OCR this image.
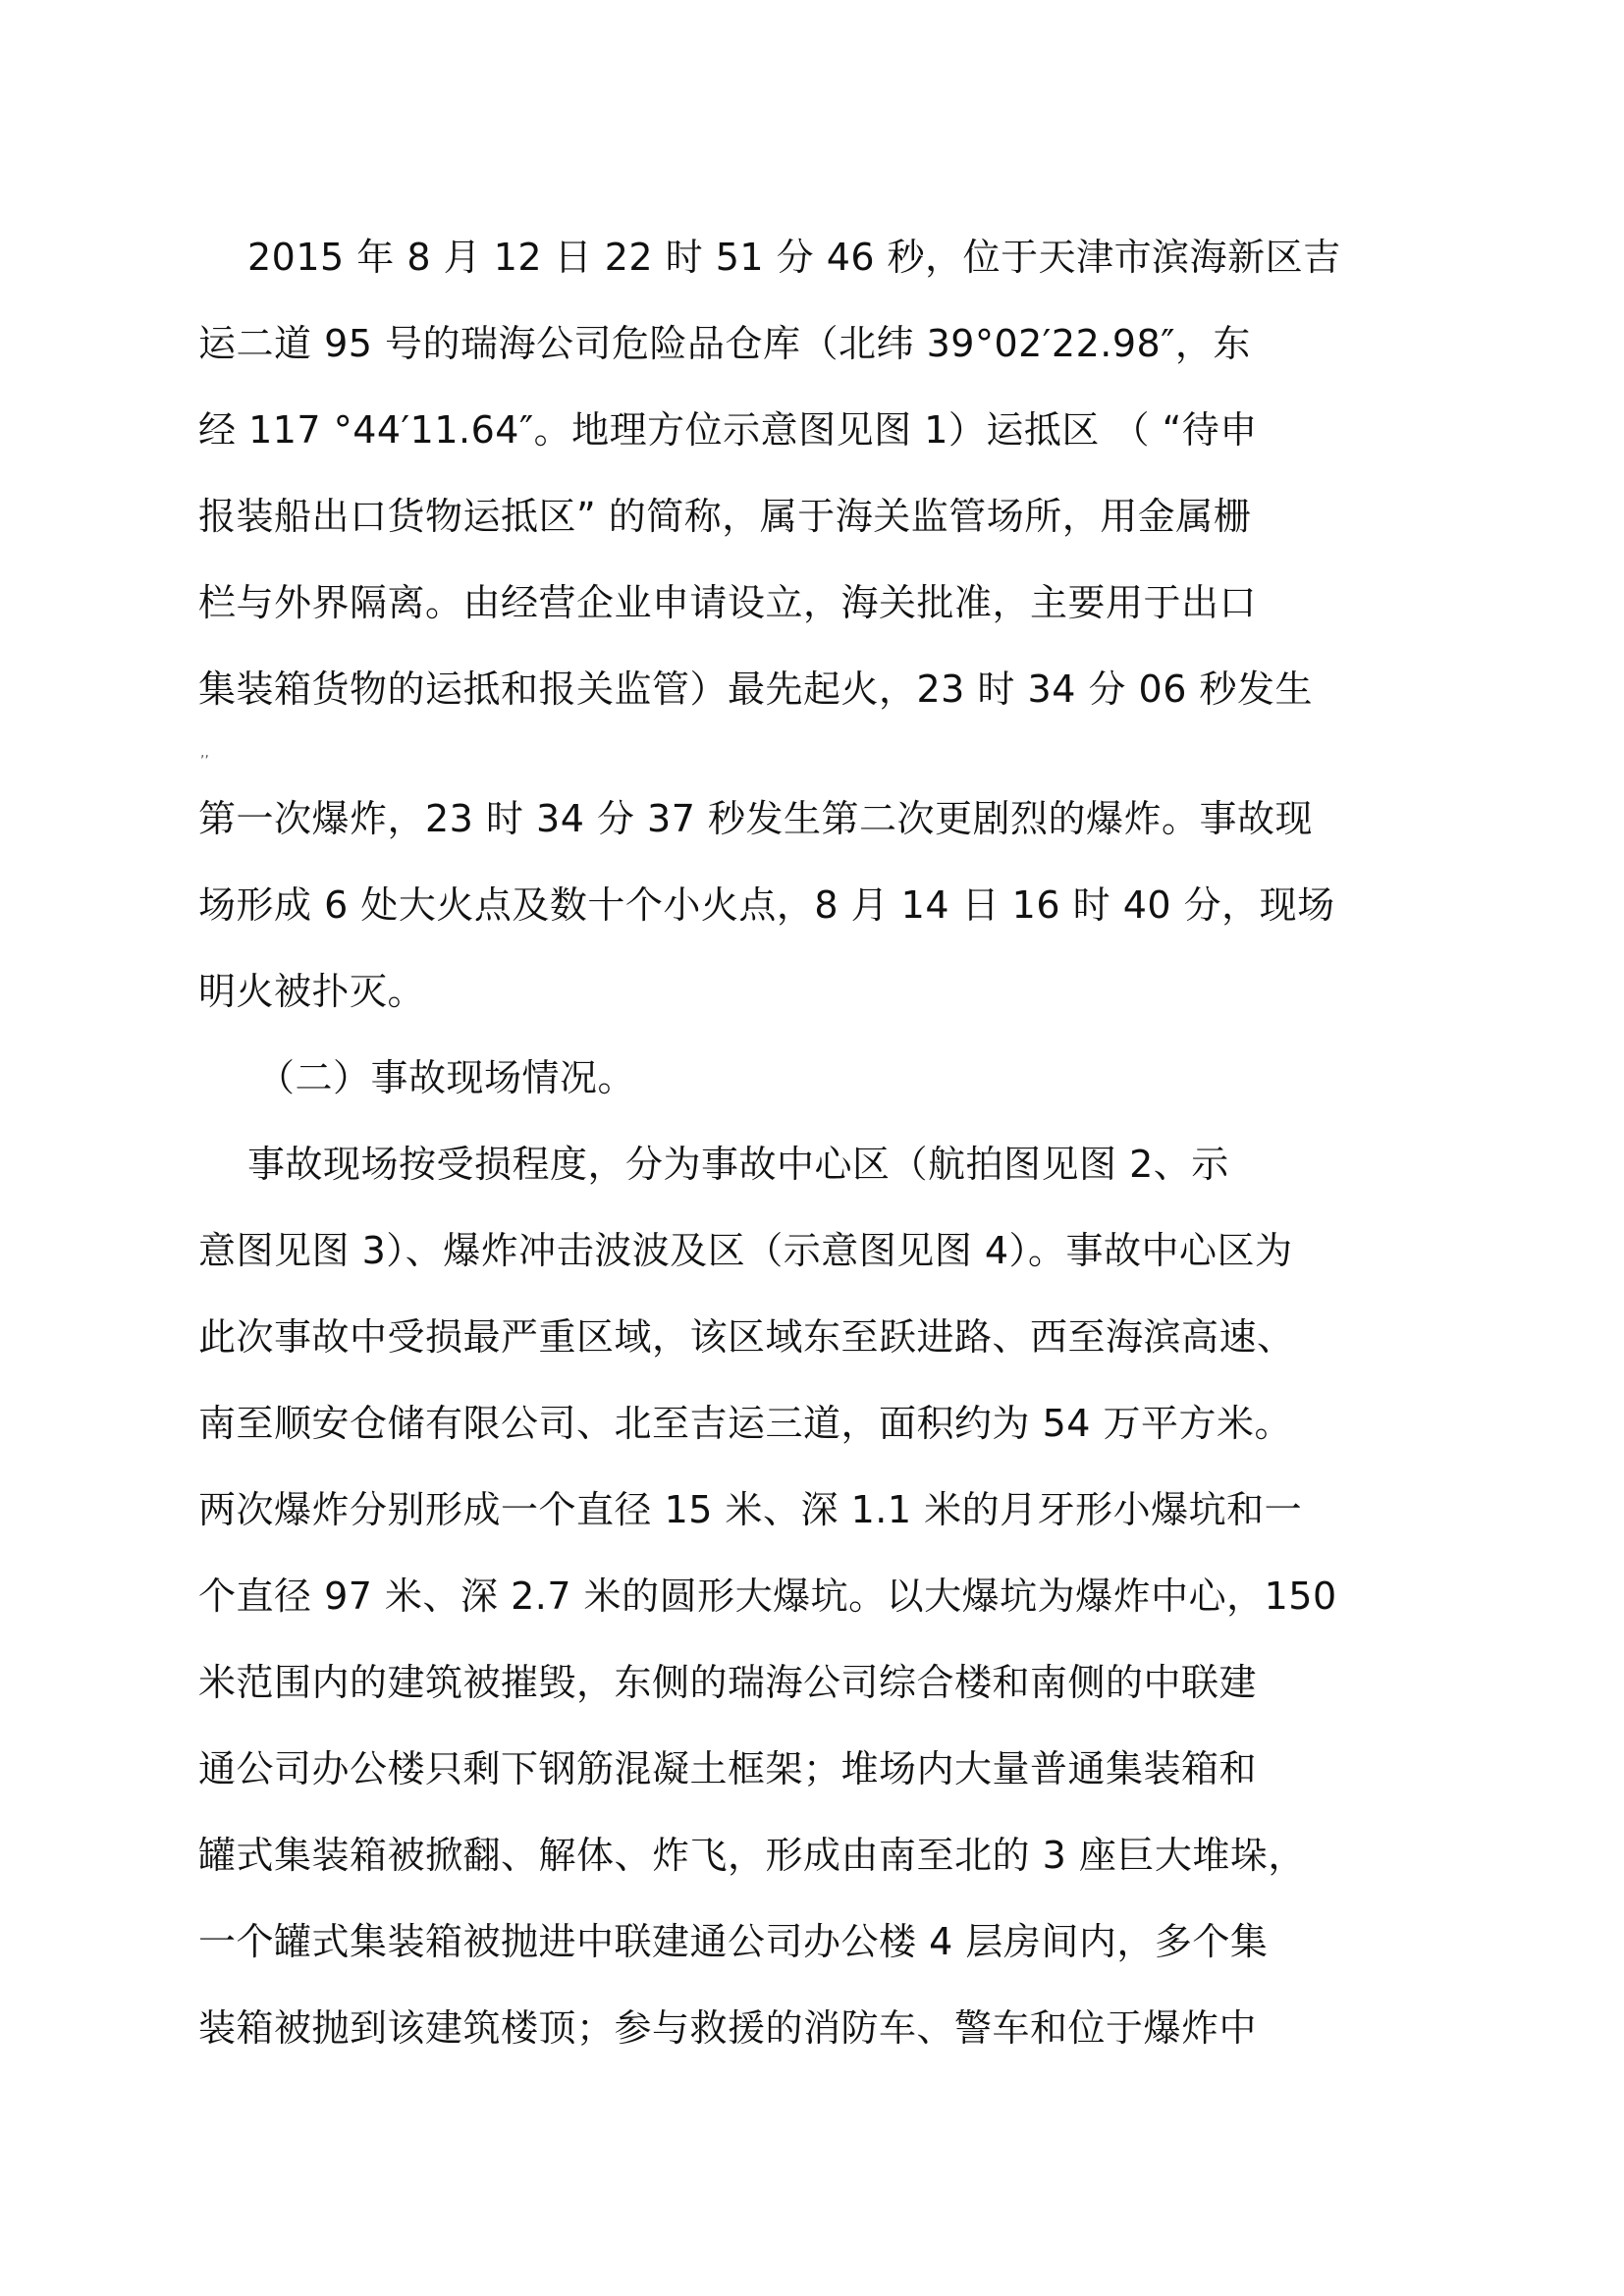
2015 年 8 月 12 日 22 时 51 分 46 秒，位于天津市滨海新区吉
运二道 95 号的瑞海公司危险品仓库（北纬 39°02′22.98″，东
经 117 °44′11.64″。地理方位示意图见图 1）运抵区 （ “待申
报装船出口货物运抵区” 的简称，属于海关监管场所，用金属栅
栏与外界隔离。由经营企业申请设立，海关批准，主要用于出口
集装箱货物的运抵和报关监管）最先起火，23 时 34 分 06 秒发生
,,
第一次爆炸，23 时 34 分 37 秒发生第二次更剧烈的爆炸。事故现
场形成 6 处大火点及数十个小火点，8 月 14 日 16 时 40 分，现场
明火被扑灭。
（二）事故现场情况。
事故现场按受损程度，分为事故中心区（航拍图见图 2、示
意图见图 3）、爆炸冲击波波及区（示意图见图 4）。事故中心区为
此次事故中受损最严重区域，该区域东至跃进路、西至海滨高速、
南至顺安仓储有限公司、北至吉运三道，面积约为 54 万平方米。
两次爆炸分别形成一个直径 15 米、深 1.1 米的月牙形小爆坑和一
个直径 97 米、深 2.7 米的圆形大爆坑。以大爆坑为爆炸中心，150
米范围内的建筑被摧毁，东侧的瑞海公司综合楼和南侧的中联建
通公司办公楼只剩下钢筋混凝土框架；堆场内大量普通集装箱和
罐式集装箱被掀翻、解体、炸飞，形成由南至北的 3 座巨大堆垛，
一个罐式集装箱被抛进中联建通公司办公楼 4 层房间内，多个集
装箱被抛到该建筑楼顶；参与救援的消防车、警车和位于爆炸中
